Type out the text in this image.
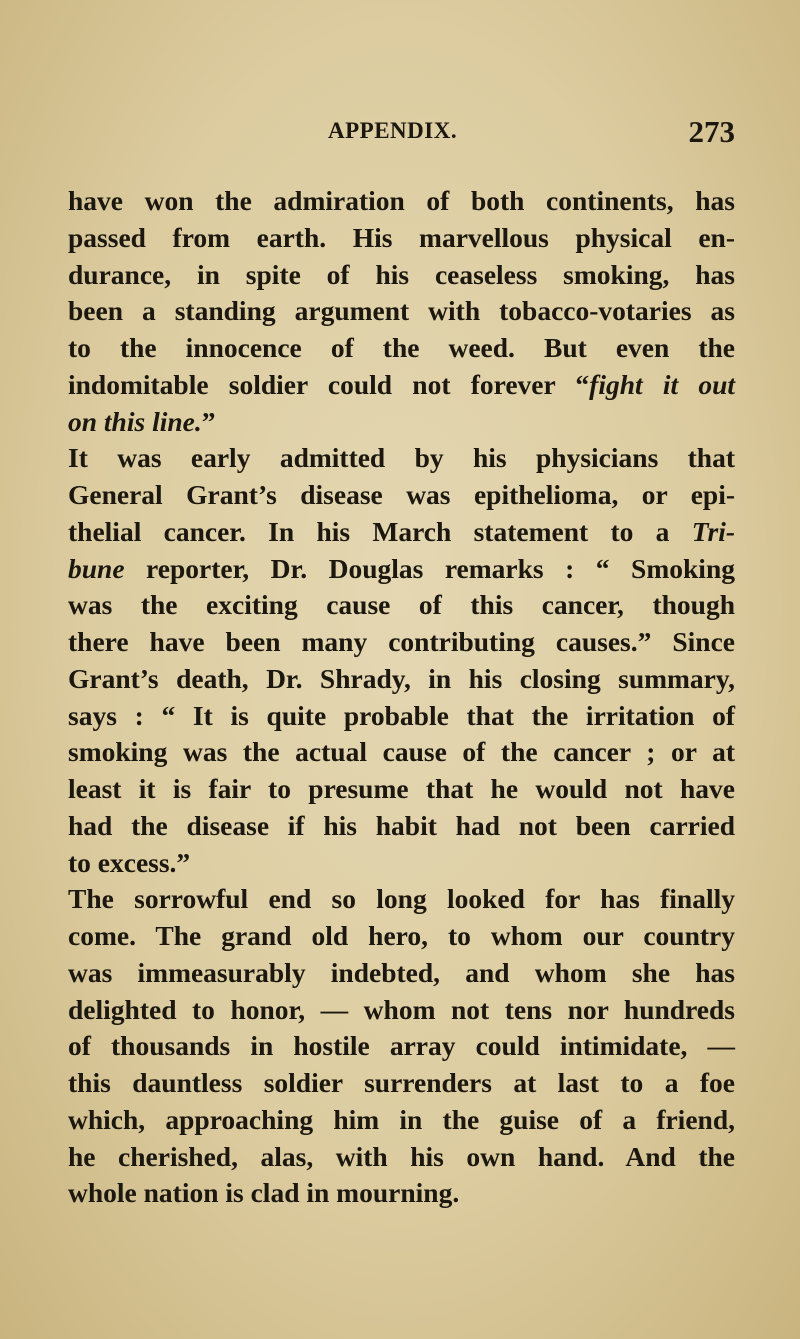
APPENDIX.	273
have won the admiration of both continents, has
passed from earth. His marvellous physical en-
durance, in spite of his ceaseless smoking, has
been a standing argument with tobacco-votaries as
to the innocence of the weed. But even the
indomitable soldier could not forever “fight it out
on this line.”
It was early admitted by his physicians that
General Grant’s disease was epithelioma, or epi-
thelial cancer. In his March statement to a Tri-
bune reporter, Dr. Douglas remarks : “ Smoking
was the exciting cause of this cancer, though
there have been many contributing causes.” Since
Grant’s death, Dr. Shrady, in his closing summary,
says : “ It is quite probable that the irritation of
smoking was the actual cause of the cancer ; or at
least it is fair to presume that he would not have
had the disease if his habit had not been carried
to excess.”
The sorrowful end so long looked for has finally
come. The grand old hero, to whom our country
was immeasurably indebted, and whom she has
delighted to honor, — whom not tens nor hundreds
of thousands in hostile array could intimidate, —
this dauntless soldier surrenders at last to a foe
which, approaching him in the guise of a friend,
he cherished, alas, with his own hand. And the
whole nation is clad in mourning.
